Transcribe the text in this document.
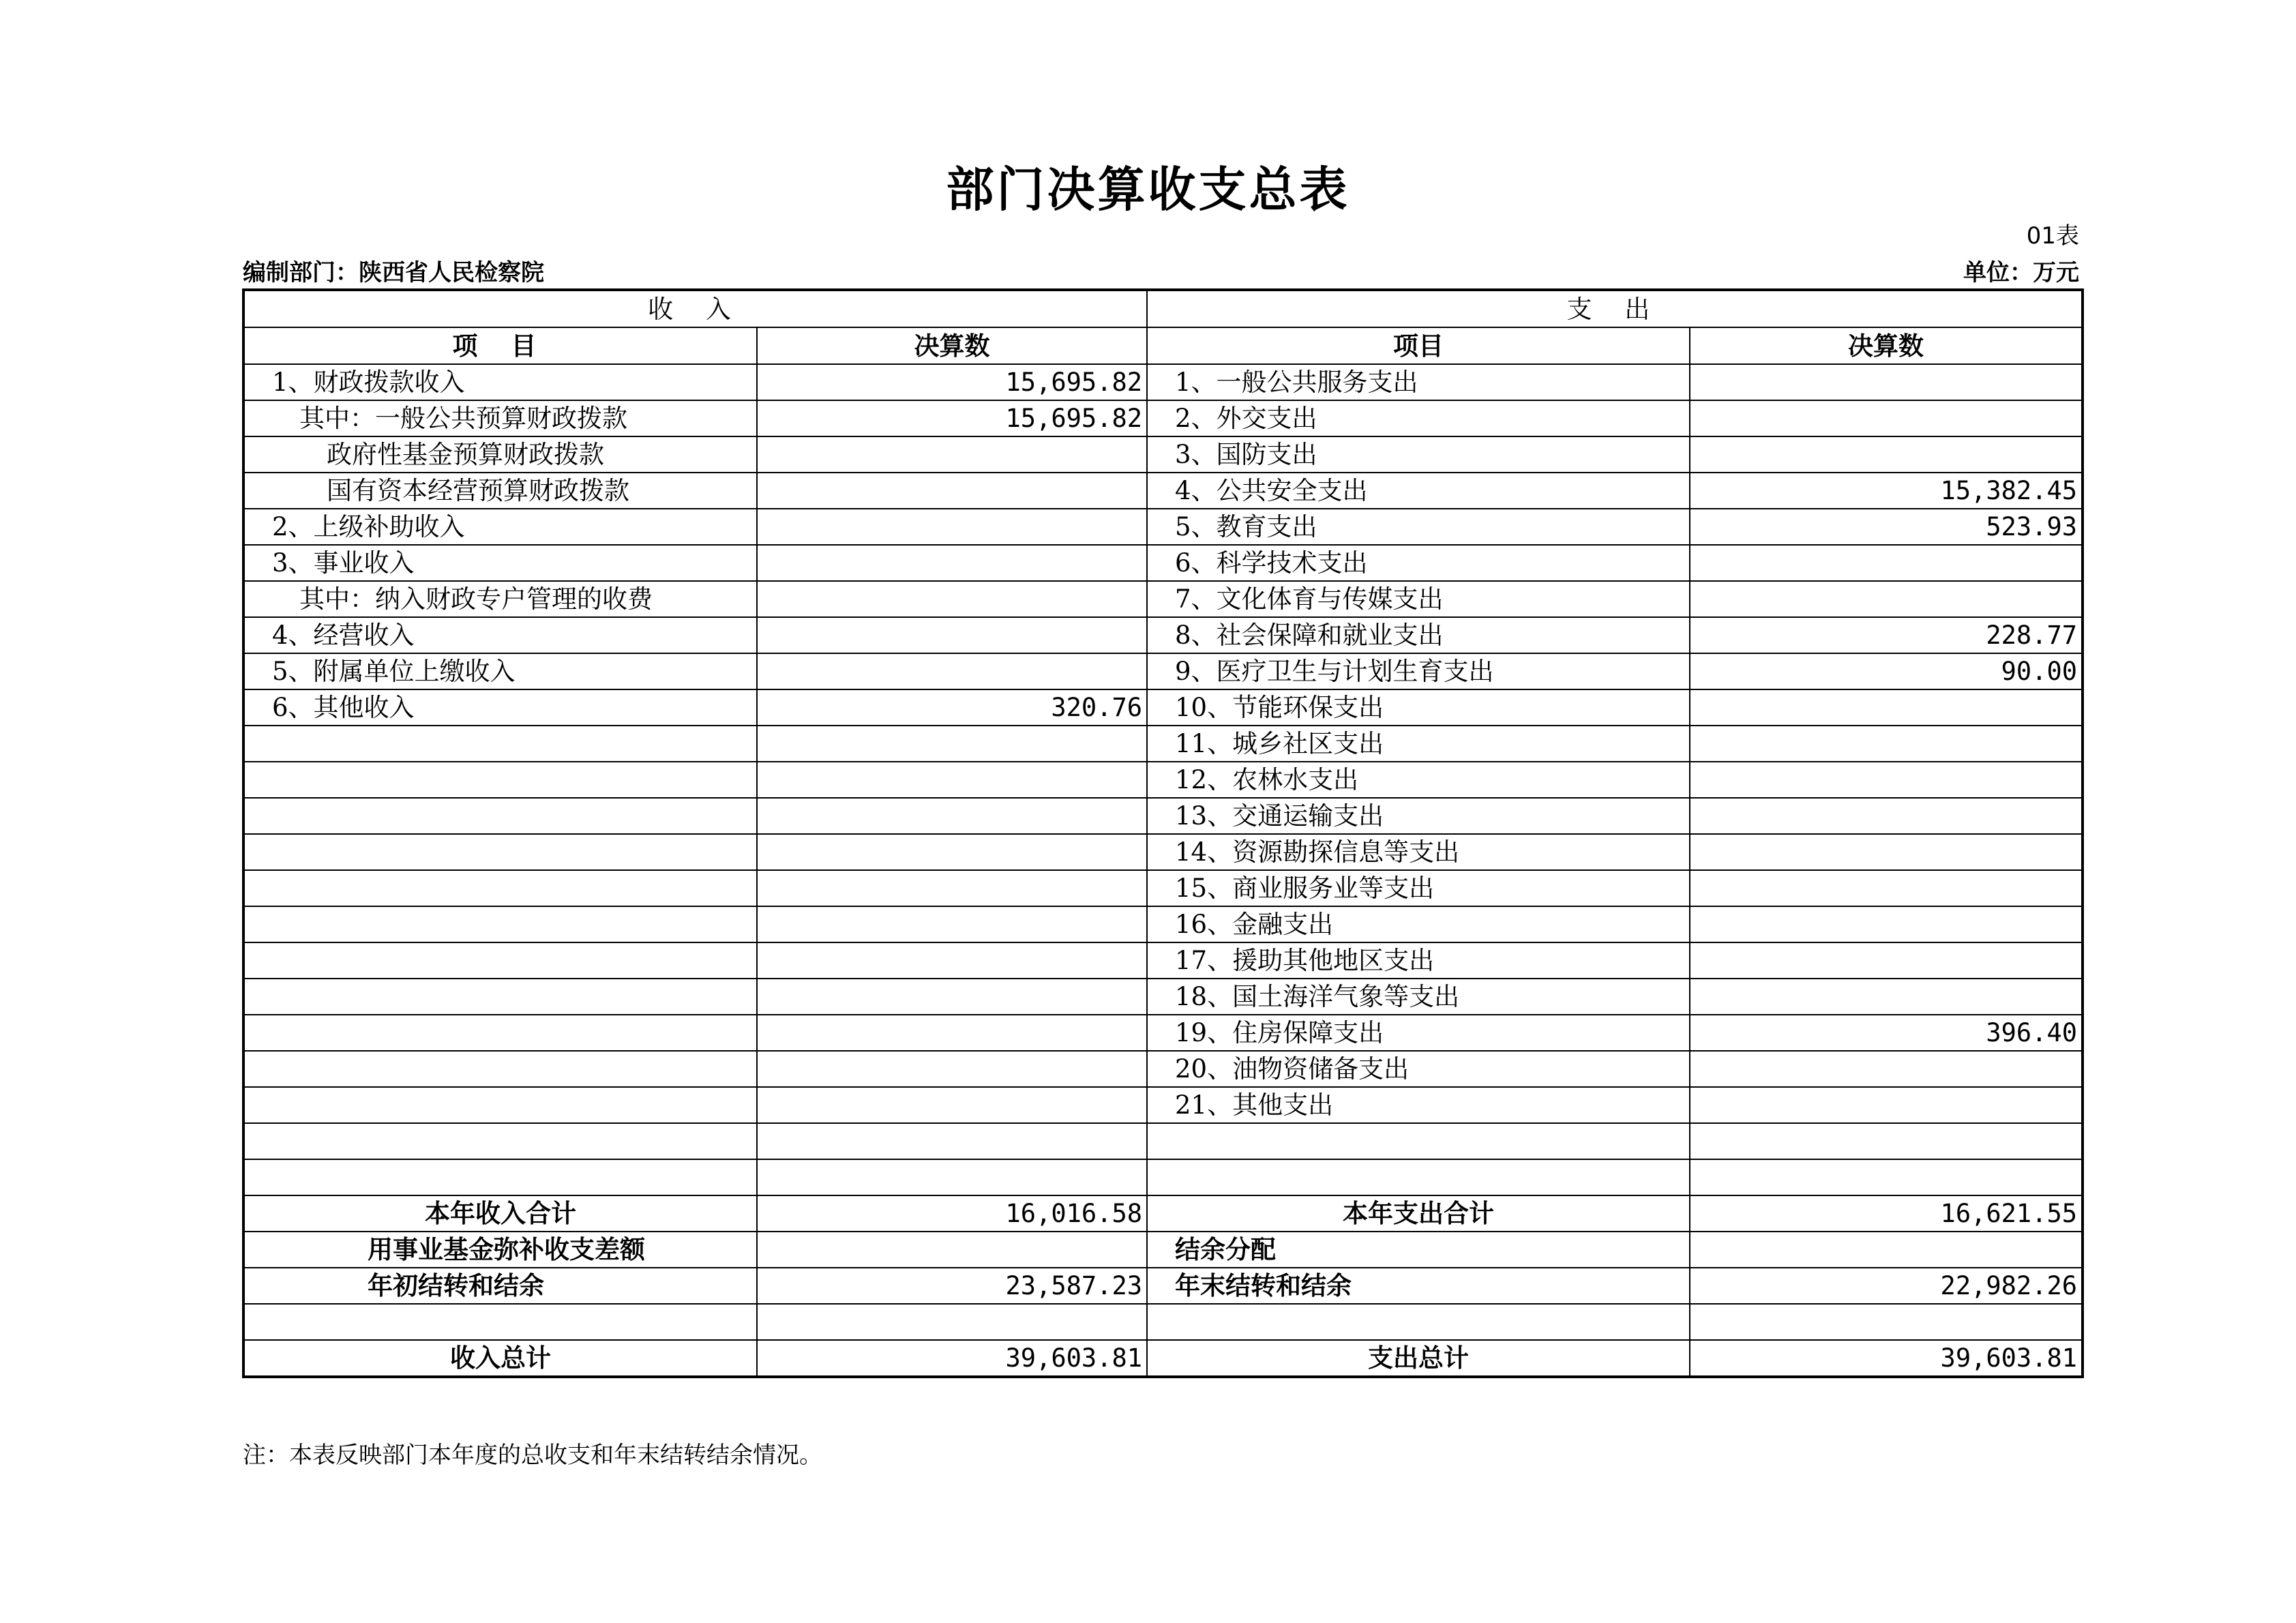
部门决算收支总表
01表
编制部门：陕西省人民检察院	单位：万元
收 入		支 出	
项 目	决算数	项目	决算数
1、财政拨款收入	15,695.82	1、一般公共服务支出	
其中：一般公共预算财政拨款	15,695.82	2、外交支出	
政府性基金预算财政拨款		3、国防支出	
国有资本经营预算财政拨款		4、公共安全支出	15,382.45
2、上级补助收入		5、教育支出	523.93
3、事业收入		6、科学技术支出	
其中：纳入财政专户管理的收费		7、文化体育与传媒支出	
4、经营收入		8、社会保障和就业支出	228.77
5、附属单位上缴收入		9、医疗卫生与计划生育支出	90.00
6、其他收入	320.76	10、节能环保支出	
		11、城乡社区支出	
		12、农林水支出	
		13、交通运输支出	
		14、资源勘探信息等支出	
		15、商业服务业等支出	
		16、金融支出	
		17、援助其他地区支出	
		18、国土海洋气象等支出	
		19、住房保障支出	396.40
		20、油物资储备支出	
		21、其他支出	

本年收入合计	16,016.58	本年支出合计	16,621.55
用事业基金弥补收支差额		结余分配	
年初结转和结余	23,587.23	年末结转和结余	22,982.26

收入总计	39,603.81	支出总计	39,603.81
注：本表反映部门本年度的总收支和年末结转结余情况。
